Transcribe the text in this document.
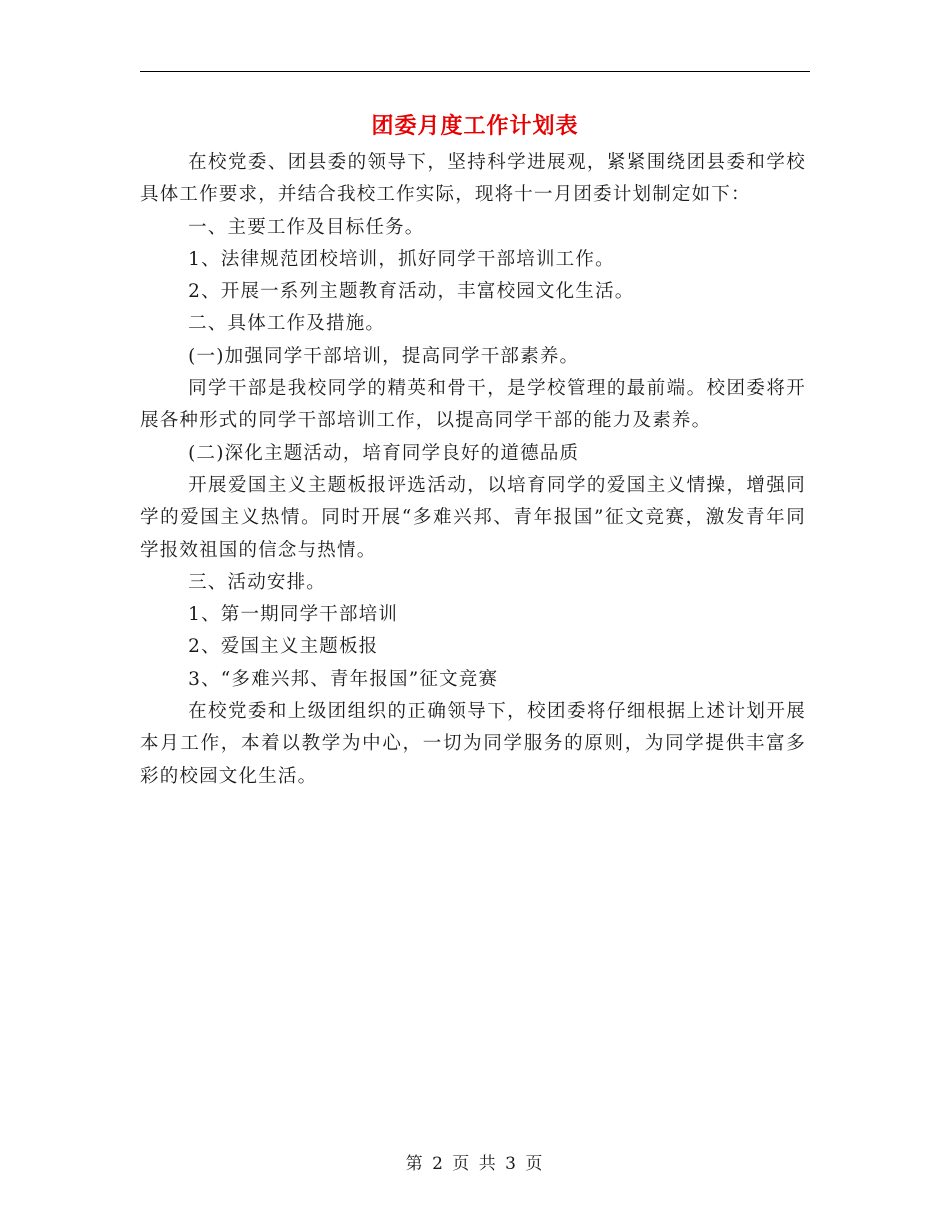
团委月度工作计划表

在校党委、团县委的领导下，坚持科学进展观，紧紧围绕团县委和学校具体工作要求，并结合我校工作实际，现将十一月团委计划制定如下：

一、主要工作及目标任务。

1、法律规范团校培训，抓好同学干部培训工作。

2、开展一系列主题教育活动，丰富校园文化生活。

二、具体工作及措施。

(一)加强同学干部培训，提高同学干部素养。

同学干部是我校同学的精英和骨干，是学校管理的最前端。校团委将开展各种形式的同学干部培训工作，以提高同学干部的能力及素养。

(二)深化主题活动，培育同学良好的道德品质

开展爱国主义主题板报评选活动，以培育同学的爱国主义情操，增强同学的爱国主义热情。同时开展“多难兴邦、青年报国”征文竞赛，激发青年同学报效祖国的信念与热情。

三、活动安排。

1、第一期同学干部培训

2、爱国主义主题板报

3、“多难兴邦、青年报国”征文竞赛

在校党委和上级团组织的正确领导下，校团委将仔细根据上述计划开展本月工作，本着以教学为中心，一切为同学服务的原则，为同学提供丰富多彩的校园文化生活。

第 2 页 共 3 页
